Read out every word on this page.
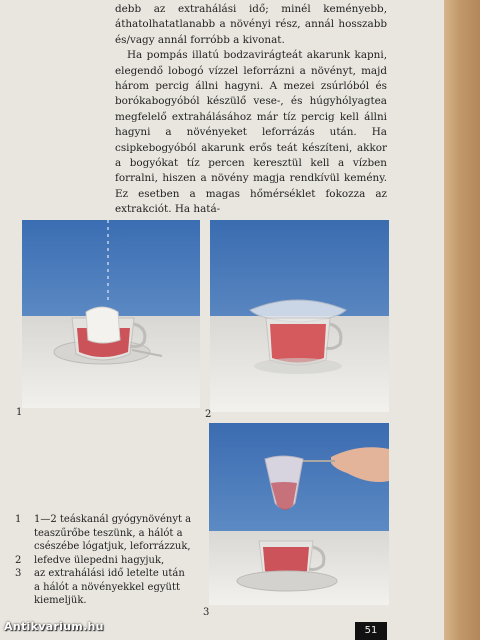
debb az extrahálási idő; minél keményebb, áthatolhatatlanabb a növényi rész, annál hosszabb és/vagy annál forróbb a kivonat.

Ha pompás illatú bodzavirágteát akarunk kapni, elegendő lobogó vízzel leforrázni a növényt, majd három percig állni hagyni. A mezei zsúrlóból és borókabogyóból készülő vese-, és húgyhólyagtea megfelelő extrahálásához már tíz percig kell állni hagyni a növényeket leforrázás után. Ha csipkebogyóból akarunk erős teát készíteni, akkor a bogyókat tíz percen keresztül kell a vízben forralni, hiszen a növény magja rendkívül kemény. Ez esetben a magas hőmérséklet fokozza az extrakciót. Ha hatá-

1	2
3
1

2
3
1—2 teáskanál gyógynövényt a
teaszűrőbe teszünk, a hálót a
csészébe lógatjuk, leforrázzuk,
lefedve ülepedni hagyjuk,
az extrahálási idő letelte után
a hálót a növényekkel együtt
kiemeljük.
Antikvarium.hu	51
